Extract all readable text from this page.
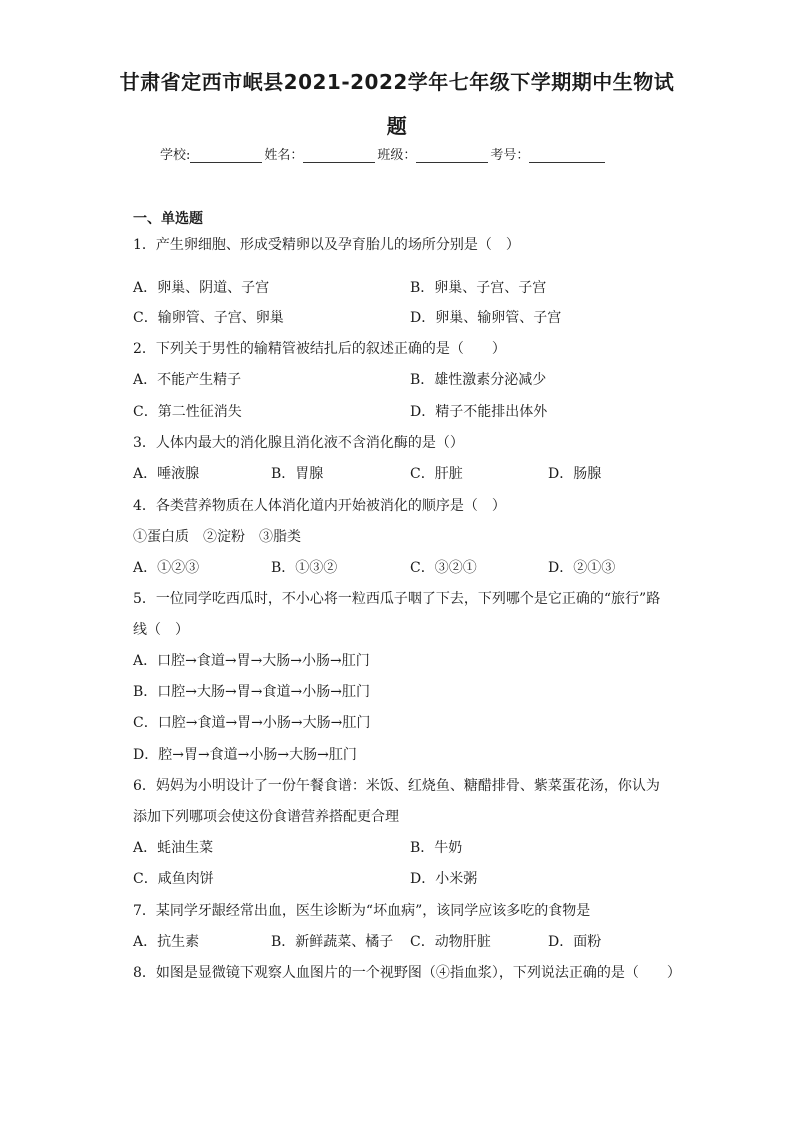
甘肃省定西市岷县2021-2022学年七年级下学期期中生物试
题
学校:	姓名：	班级：	考号：
一、单选题
1．产生卵细胞、形成受精卵以及孕育胎儿的场所分别是（　）
A．卵巢、阴道、子宫	B．卵巢、子宫、子宫
C．输卵管、子宫、卵巢	D．卵巢、输卵管、子宫
2．下列关于男性的输精管被结扎后的叙述正确的是（　　）
A．不能产生精子	B．雄性激素分泌减少
C．第二性征消失	D．精子不能排出体外
3．人体内最大的消化腺且消化液不含消化酶的是（）
A．唾液腺	B．胃腺	C．肝脏	D．肠腺
4．各类营养物质在人体消化道内开始被消化的顺序是（　）
①蛋白质　②淀粉　③脂类
A．①②③	B．①③②	C．③②①	D．②①③
5．一位同学吃西瓜时，不小心将一粒西瓜子咽了下去，下列哪个是它正确的“旅行”路
线（　）
A．口腔→食道→胃→大肠→小肠→肛门
B．口腔→大肠→胃→食道→小肠→肛门
C．口腔→食道→胃→小肠→大肠→肛门
D．腔→胃→食道→小肠→大肠→肛门
6．妈妈为小明设计了一份午餐食谱：米饭、红烧鱼、糖醋排骨、紫菜蛋花汤，你认为
添加下列哪项会使这份食谱营养搭配更合理
A．蚝油生菜	B．牛奶
C．咸鱼肉饼	D．小米粥
7．某同学牙龈经常出血，医生诊断为“坏血病”，该同学应该多吃的食物是
A．抗生素	B．新鲜蔬菜、橘子 C．动物肝脏	D．面粉
8．如图是显微镜下观察人血图片的一个视野图（④指血浆），下列说法正确的是（　　）
